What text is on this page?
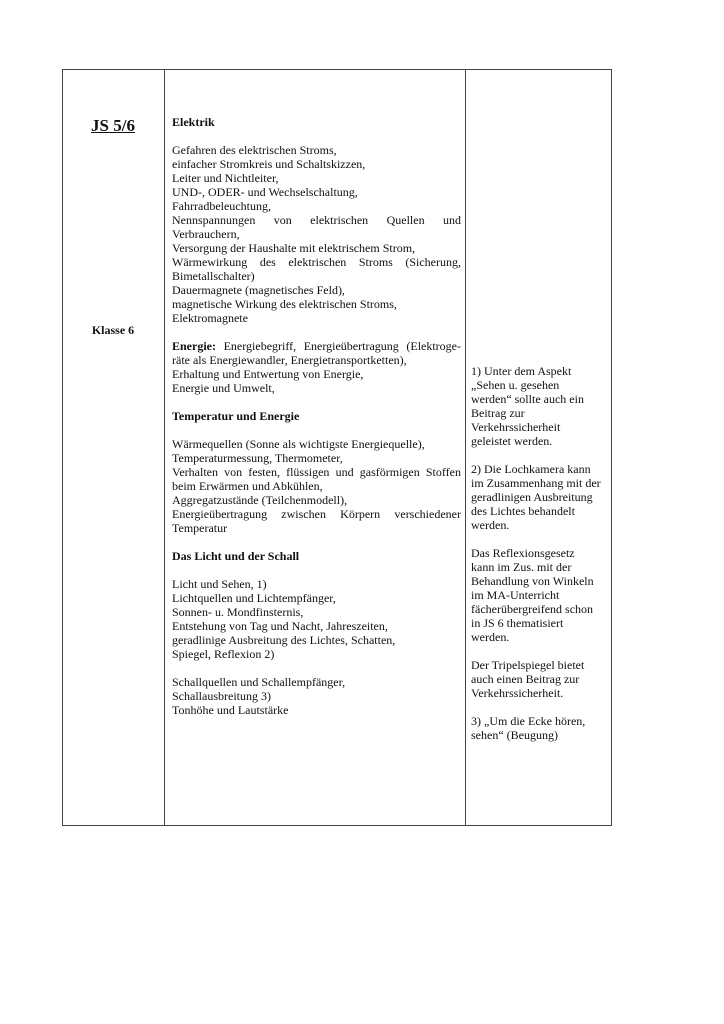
JS 5/6
Klasse 6
Elektrik
Gefahren des elektrischen Stroms,
einfacher Stromkreis und Schaltskizzen,
Leiter und Nichtleiter,
UND-, ODER- und Wechselschaltung,
Fahrradbeleuchtung,
Nennspannungen von elektrischen Quellen und
Verbrauchern,
Versorgung der Haushalte mit elektrischem Strom,
Wärmewirkung des elektrischen Stroms (Sicherung,
Bimetallschalter)
Dauermagnete (magnetisches Feld),
magnetische Wirkung des elektrischen Stroms,
Elektromagnete
Energie: Energiebegriff, Energieübertragung (Elektroge-
räte als Energiewandler, Energietransportketten),
Erhaltung und Entwertung von Energie,
Energie und Umwelt,
Temperatur und Energie
Wärmequellen (Sonne als wichtigste Energiequelle),
Temperaturmessung, Thermometer,
Verhalten von festen, flüssigen und gasförmigen Stoffen
beim Erwärmen und Abkühlen,
Aggregatzustände (Teilchenmodell),
Energieübertragung zwischen Körpern verschiedener
Temperatur
Das Licht und der Schall
Licht und Sehen, 1)
Lichtquellen und Lichtempfänger,
Sonnen- u. Mondfinsternis,
Entstehung von Tag und Nacht, Jahreszeiten,
geradlinige Ausbreitung des Lichtes, Schatten,
Spiegel, Reflexion 2)
Schallquellen und Schallempfänger,
Schallausbreitung 3)
Tonhöhe und Lautstärke
1) Unter dem Aspekt
„Sehen u. gesehen
werden“ sollte auch ein
Beitrag zur
Verkehrssicherheit
geleistet werden.
2) Die Lochkamera kann
im Zusammenhang mit der
geradlinigen Ausbreitung
des Lichtes behandelt
werden.
Das Reflexionsgesetz
kann im Zus. mit der
Behandlung von Winkeln
im MA-Unterricht
fächerübergreifend schon
in JS 6 thematisiert
werden.
Der Tripelspiegel bietet
auch einen Beitrag zur
Verkehrssicherheit.
3) „Um die Ecke hören,
sehen“ (Beugung)
